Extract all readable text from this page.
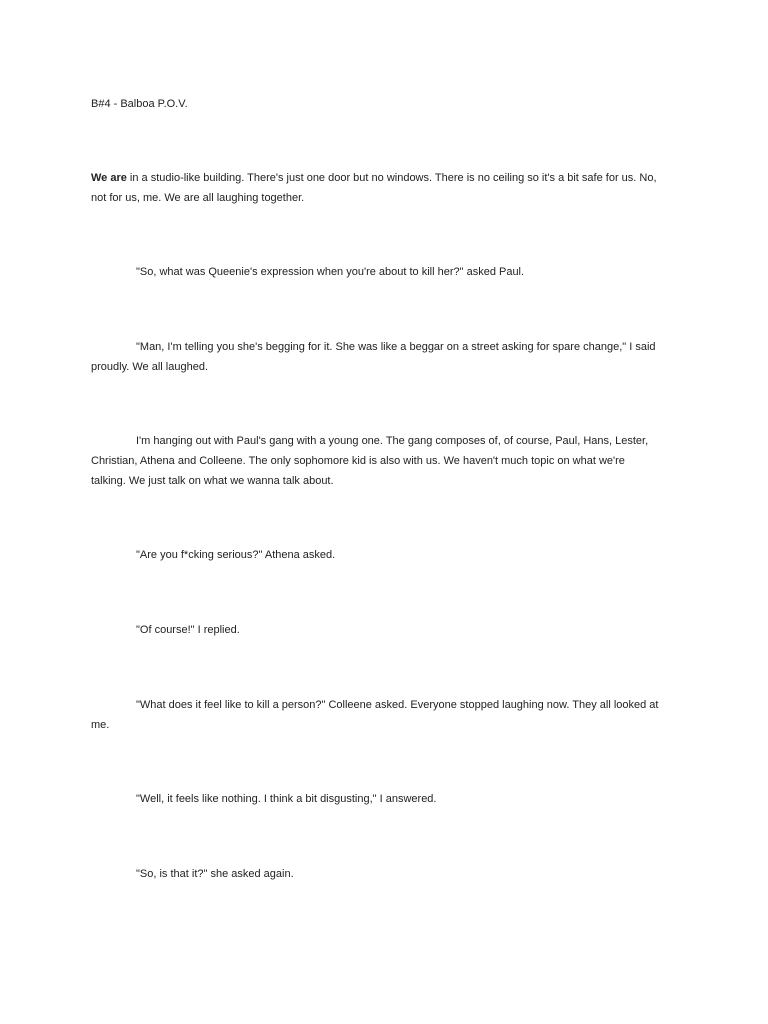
B#4 - Balboa P.O.V.

We are in a studio-like building. There's just one door but no windows. There is no ceiling so it's a bit safe for us. No,

not for us, me. We are all laughing together.

"So, what was Queenie's expression when you're about to kill her?" asked Paul.

"Man, I'm telling you she's begging for it. She was like a beggar on a street asking for spare change," I said

proudly. We all laughed.

I'm hanging out with Paul's gang with a young one. The gang composes of, of course, Paul, Hans, Lester,

Christian, Athena and Colleene. The only sophomore kid is also with us. We haven't much topic on what we're

talking. We just talk on what we wanna talk about.

"Are you f*cking serious?" Athena asked.

"Of course!" I replied.

"What does it feel like to kill a person?" Colleene asked. Everyone stopped laughing now. They all looked at

me.

"Well, it feels like nothing. I think a bit disgusting," I answered.

"So, is that it?" she asked again.
